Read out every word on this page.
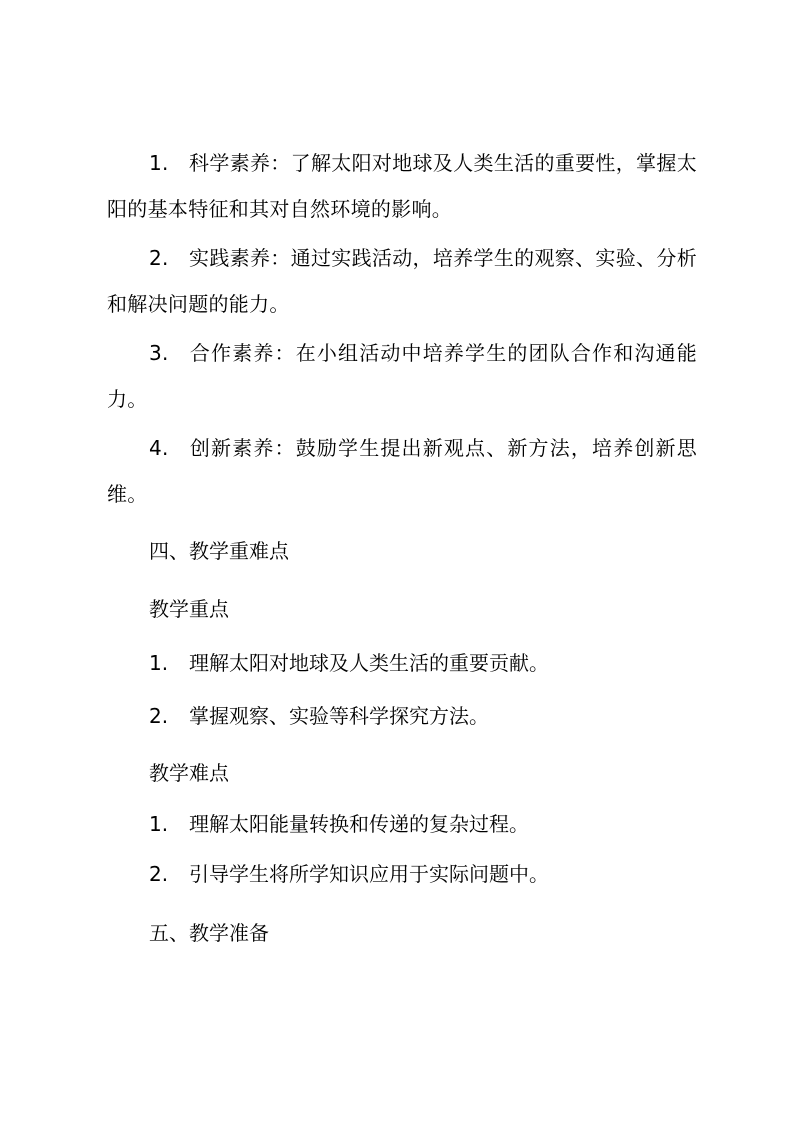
1. 科学素养：了解太阳对地球及人类生活的重要性，掌握太阳的基本特征和其对自然环境的影响。

2. 实践素养：通过实践活动，培养学生的观察、实验、分析和解决问题的能力。

3. 合作素养：在小组活动中培养学生的团队合作和沟通能力。

4. 创新素养：鼓励学生提出新观点、新方法，培养创新思维。

四、教学重难点
教学重点
1. 理解太阳对地球及人类生活的重要贡献。
2. 掌握观察、实验等科学探究方法。
教学难点
1. 理解太阳能量转换和传递的复杂过程。
2. 引导学生将所学知识应用于实际问题中。
五、教学准备
